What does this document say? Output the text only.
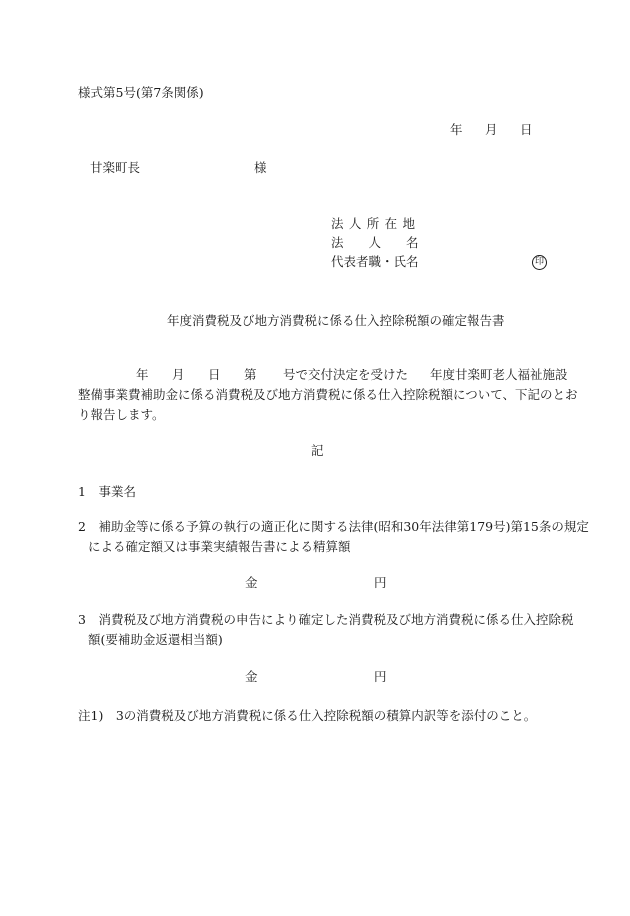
様式第5号(第7条関係)
年 月 日
甘楽町長	様
法 人 所 在 地
法　　人　　名
代表者職・氏名	印
年度消費税及び地方消費税に係る仕入控除税額の確定報告書
年 月 日 第 号で交付決定を受けた 年度甘楽町老人福祉施設
整備事業費補助金に係る消費税及び地方消費税に係る仕入控除税額について、下記のとお
り報告します。
記
1　事業名
2　補助金等に係る予算の執行の適正化に関する法律(昭和30年法律第179号)第15条の規定
による確定額又は事業実績報告書による精算額
金	円
3　消費税及び地方消費税の申告により確定した消費税及び地方消費税に係る仕入控除税
額(要補助金返還相当額)
金	円
注1)　3の消費税及び地方消費税に係る仕入控除税額の積算内訳等を添付のこと。
